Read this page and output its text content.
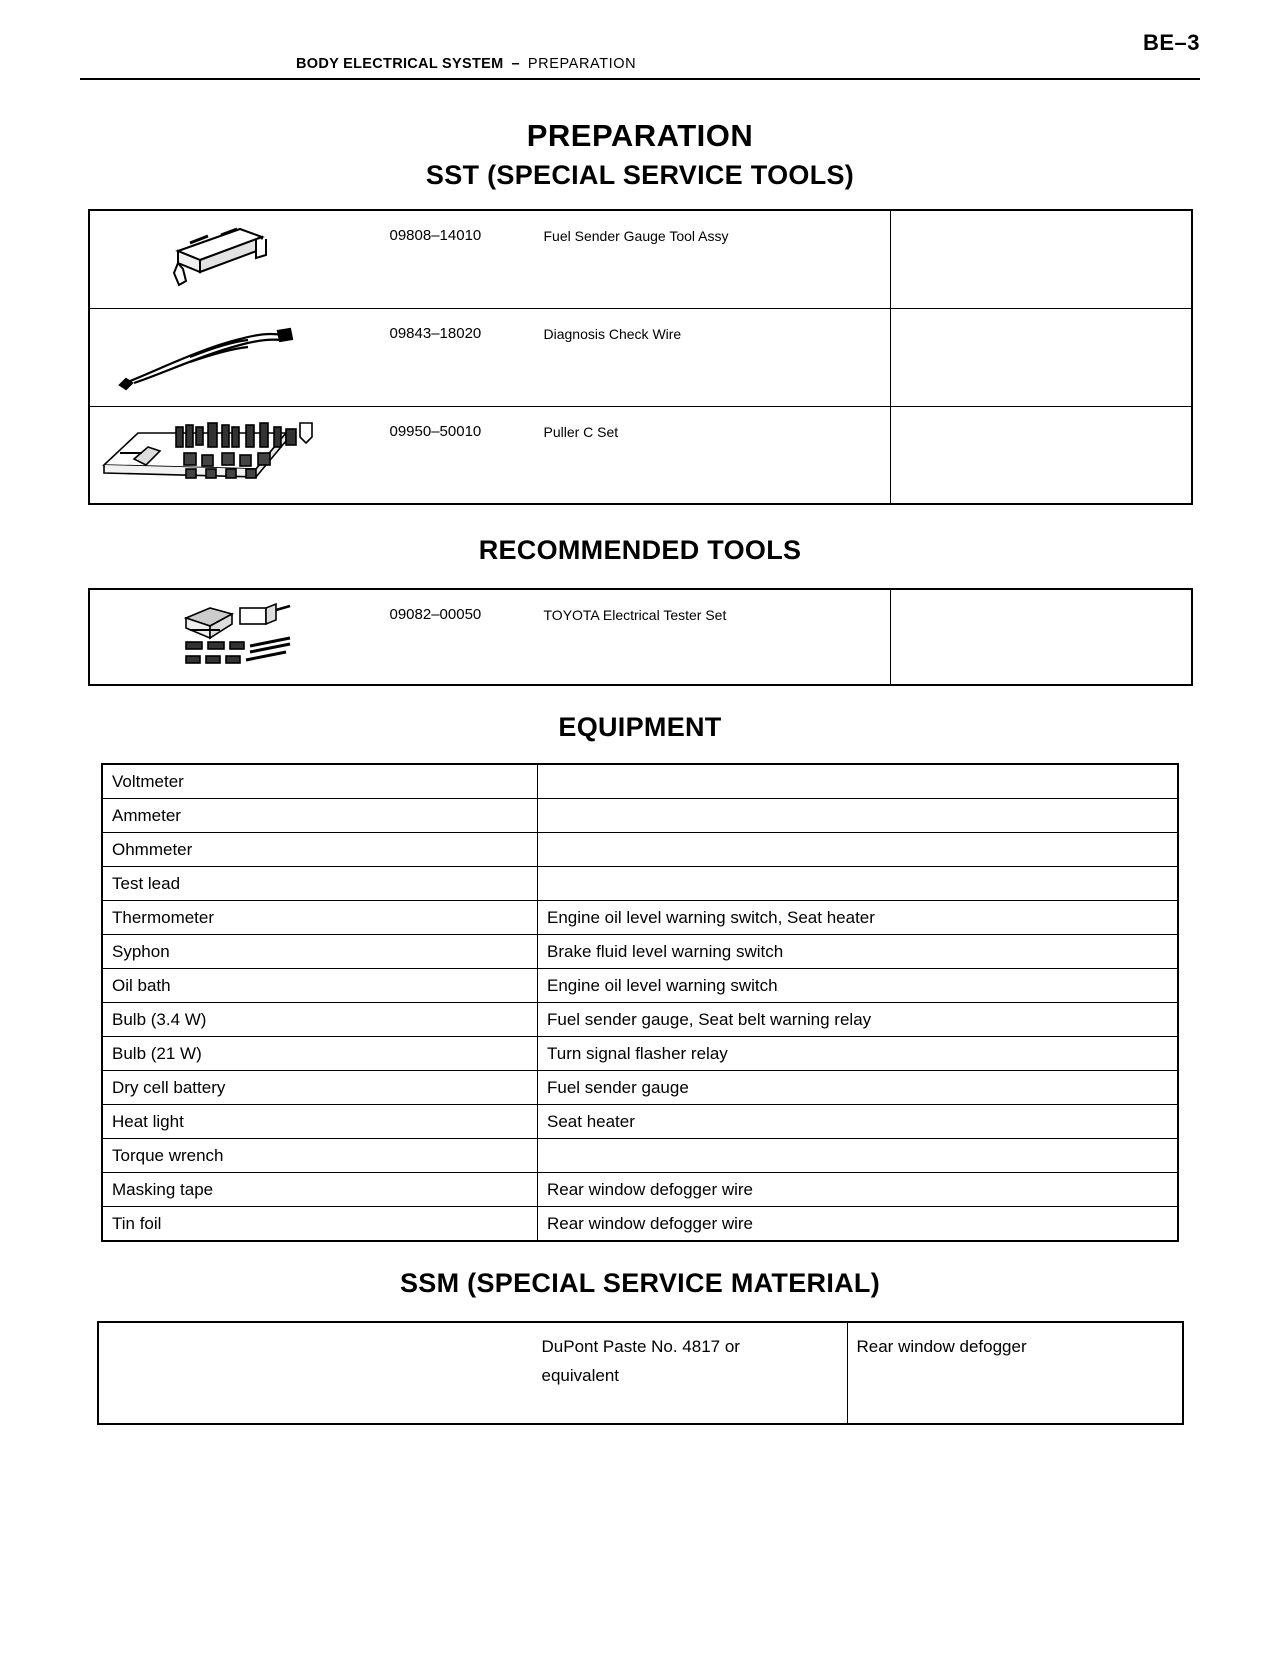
BE–3
BODY ELECTRICAL SYSTEM – PREPARATION
PREPARATION
SST (SPECIAL SERVICE TOOLS)

09808–14010	Fuel Sender Gauge Tool Assy	

09843–18020	Diagnosis Check Wire	

09950–50010	Puller C Set	

RECOMMENDED TOOLS

09082–00050	TOYOTA Electrical Tester Set

EQUIPMENT
Voltmeter	
Ammeter	
Ohmmeter	
Test lead	
Thermometer	Engine oil level warning switch, Seat heater
Syphon	Brake fluid level warning switch
Oil bath	Engine oil level warning switch
Bulb (3.4 W)	Fuel sender gauge, Seat belt warning relay
Bulb (21 W)	Turn signal flasher relay
Dry cell battery	Fuel sender gauge
Heat light	Seat heater
Torque wrench	
Masking tape	Rear window defogger wire
Tin foil	Rear window defogger wire
SSM (SPECIAL SERVICE MATERIAL)
	DuPont Paste No. 4817 or
equivalent
	Rear window defogger
